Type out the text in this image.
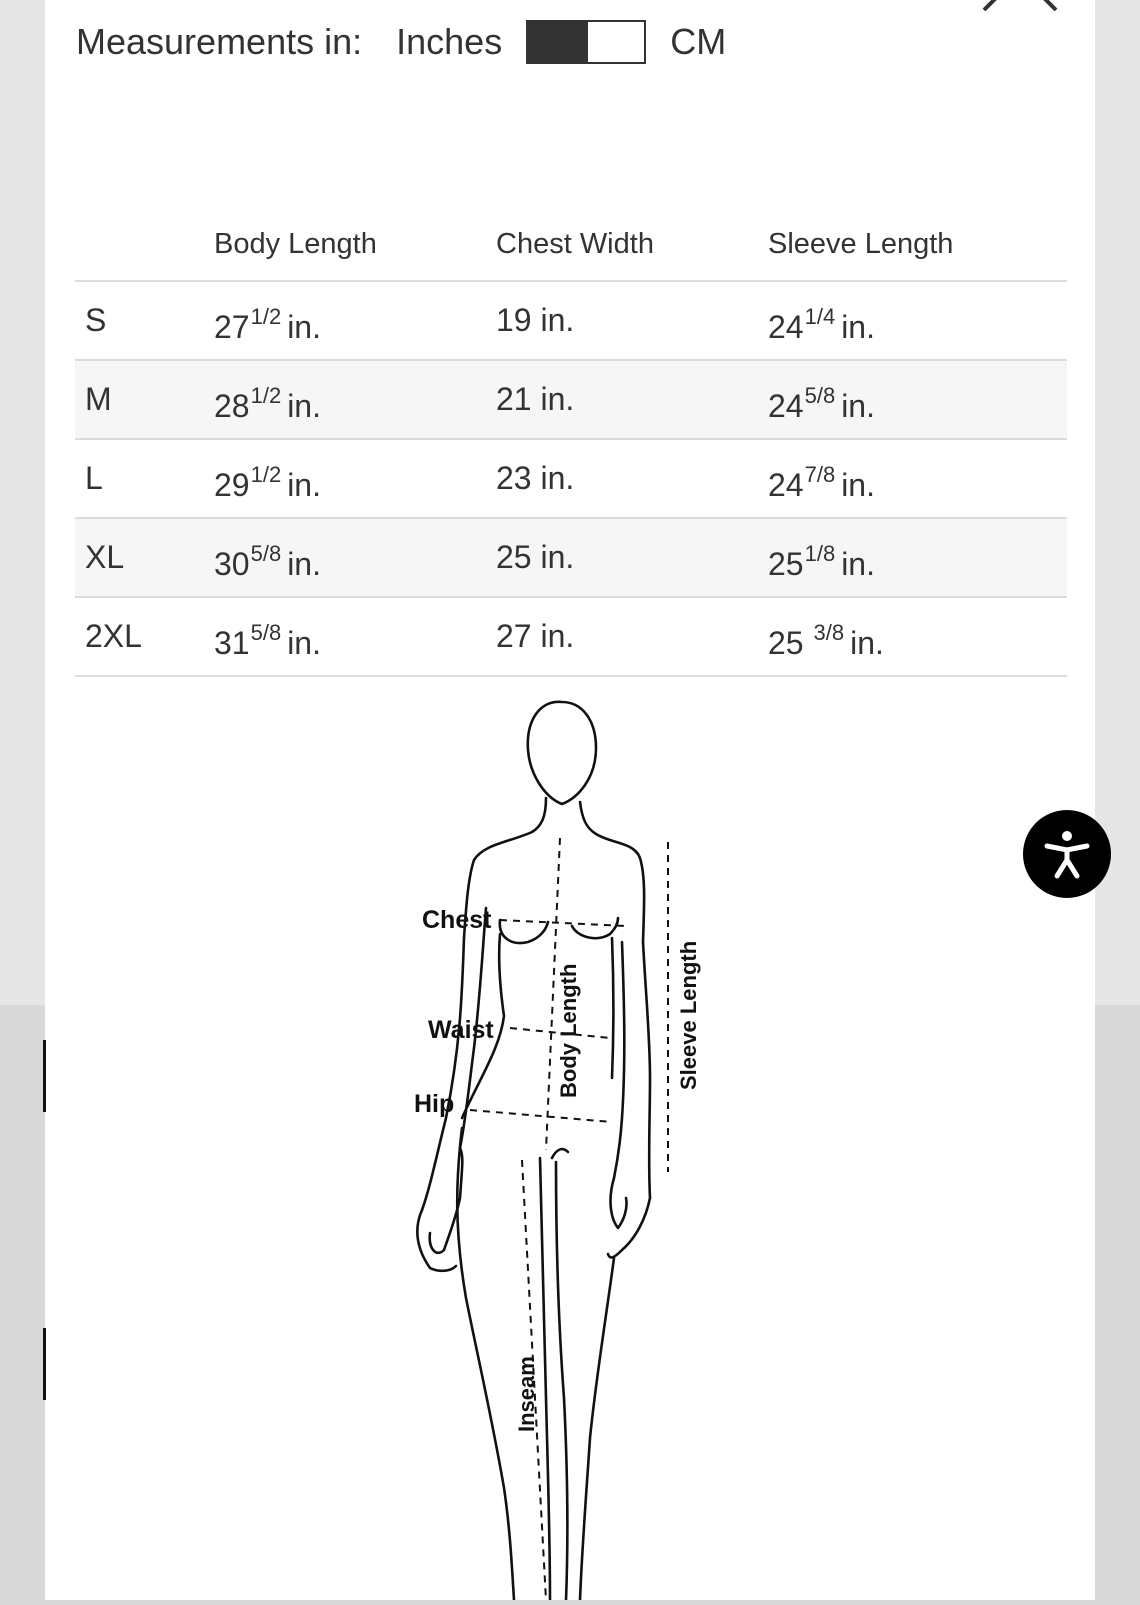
Measurements in: Inches	CM
	Body Length	Chest Width	Sleeve Length
S	$27^{1/2}$ in.	19 in.	$24^{1/4}$ in.
M	$28^{1/2}$ in.	21 in.	$24^{5/8}$ in.
L	$29^{1/2}$ in.	23 in.	$24^{7/8}$ in.
XL	$30^{5/8}$ in.	25 in.	$25^{1/8}$ in.
2XL	$31^{5/8}$ in.	27 in.	25 $^{3/8}$ in.
Chest
Waist
Hip
Body Length	Sleeve Length
Inseam
